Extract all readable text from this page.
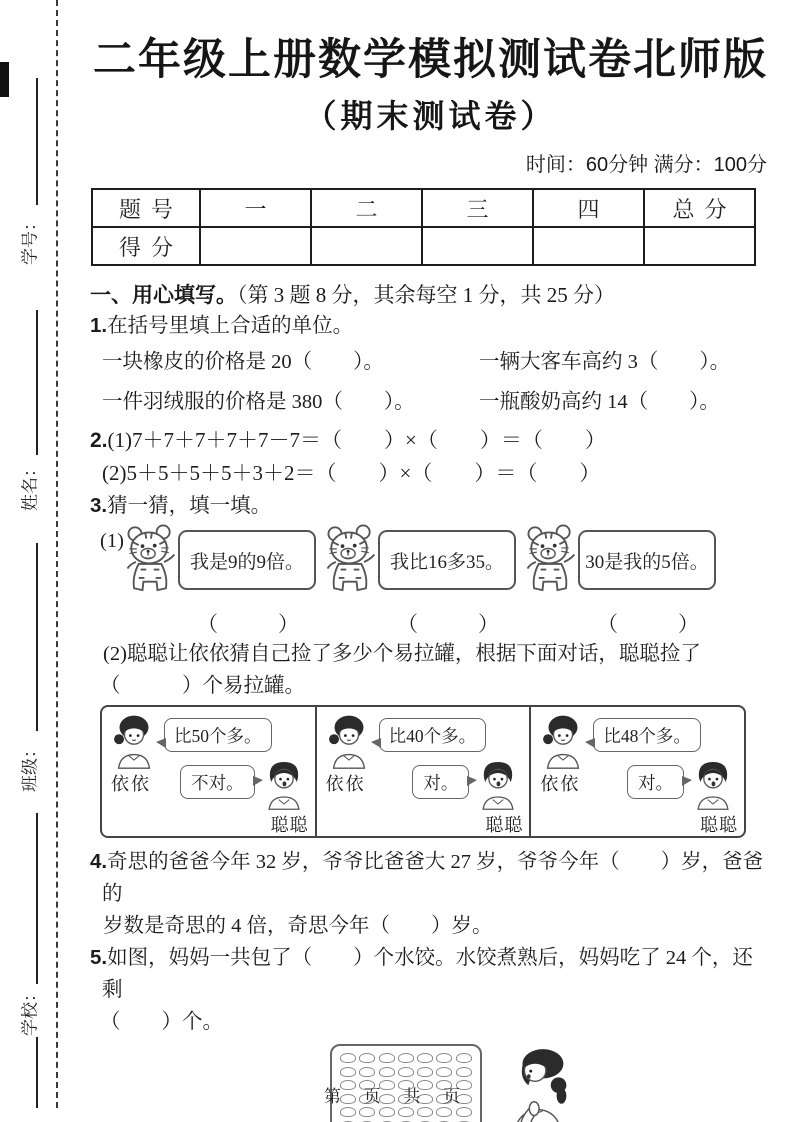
学号：
姓名：
班级：
学校：
二年级上册数学模拟测试卷北师版
（期末测试卷）
时间：60分钟 满分：100分
题号	一	二	三	四	总分
得分					
一、用心填写。（第 3 题 8 分，其余每空 1 分，共 25 分）
1.在括号里填上合适的单位。
一块橡皮的价格是 20（　　）。	一辆大客车高约 3（　　）。
一件羽绒服的价格是 380（　　）。	一瓶酸奶高约 14（　　）。
2.(1)7＋7＋7＋7＋7－7＝（　　）×（　　）＝（　　）
(2)5＋5＋5＋5＋3＋2＝（　　）×（　　）＝（　　）
3.猜一猜，填一填。
(1)
我是9的9倍。	我比16多35。	30是我的5倍。
（　　）	（　　）	（　　）
(2)聪聪让依依猜自己捡了多少个易拉罐，根据下面对话，聪聪捡了
（　　　）个易拉罐。
依依
比50个多。
不对。
聪聪
依依
比40个多。
对。
聪聪
依依
比48个多。
对。
聪聪
4.奇思的爸爸今年 32 岁，爷爷比爸爸大 27 岁，爷爷今年（　　）岁，爸爸的
岁数是奇思的 4 倍，奇思今年（　　）岁。
5.如图，妈妈一共包了（　　）个水饺。水饺煮熟后，妈妈吃了 24 个，还剩
（　　）个。
第 页 共 页
